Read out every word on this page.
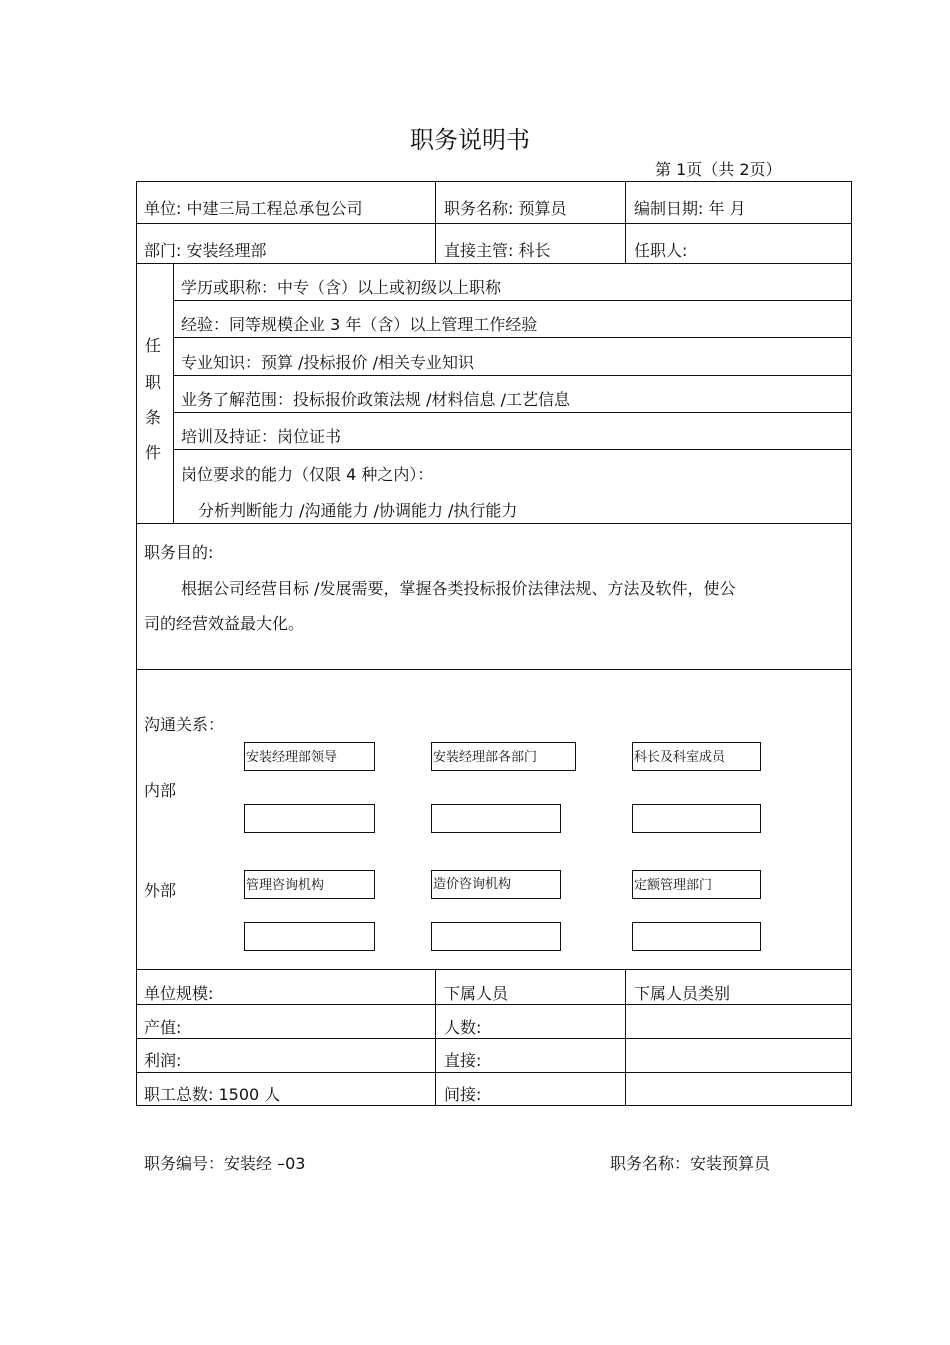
职务说明书
第 1页（共 2页）
单位: 中建三局工程总承包公司	职务名称: 预算员	编制日期: 年 月
部门: 安装经理部	直接主管: 科长	任职人:
任
职
条
件
学历或职称：中专（含）以上或初级以上职称
经验：同等规模企业 3 年（含）以上管理工作经验
专业知识：预算 /投标报价 /相关专业知识
业务了解范围：投标报价政策法规 /材料信息 /工艺信息
培训及持证：岗位证书
岗位要求的能力（仅限 4 种之内）：
分析判断能力 /沟通能力 /协调能力 /执行能力
职务目的:
根据公司经营目标 /发展需要，掌握各类投标报价法律法规、方法及软件，使公
司的经营效益最大化。
沟通关系：
内部
外部
安装经理部领导	安装经理部各部门	科长及科室成员
管理咨询机构	造价咨询机构	定额管理部门
单位规模:	下属人员	下属人员类别
产值:	人数:
利润:	直接:
职工总数: 1500 人	间接:
职务编号：安装经 –03	职务名称：安装预算员
